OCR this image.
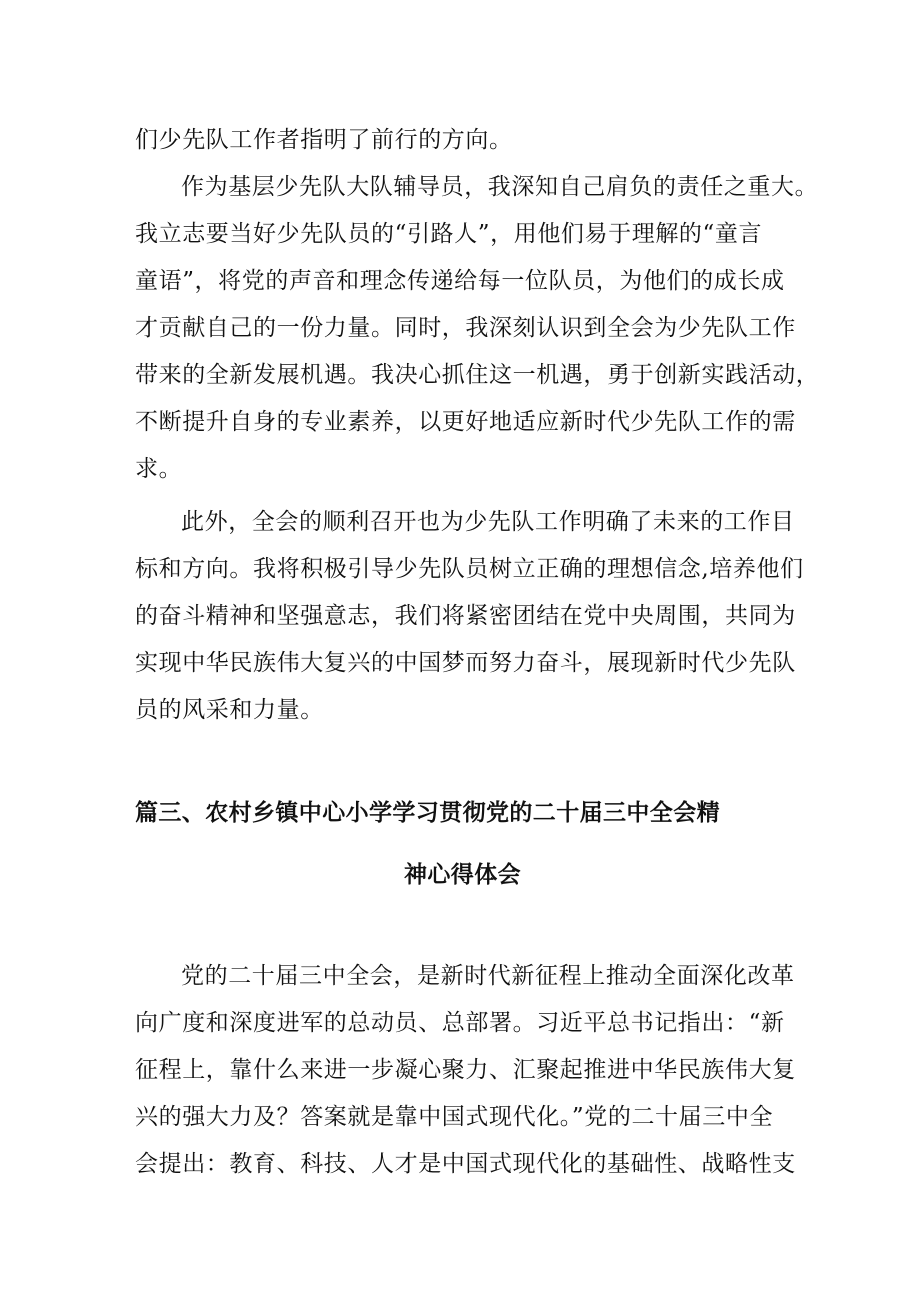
们少先队工作者指明了前行的方向。
作为基层少先队大队辅导员，我深知自己肩负的责任之重大。
我立志要当好少先队员的“引路人”，用他们易于理解的“童言
童语”，将党的声音和理念传递给每一位队员，为他们的成长成
才贡献自己的一份力量。同时，我深刻认识到全会为少先队工作
带来的全新发展机遇。我决心抓住这一机遇，勇于创新实践活动，
不断提升自身的专业素养，以更好地适应新时代少先队工作的需
求。
此外，全会的顺利召开也为少先队工作明确了未来的工作目
标和方向。我将积极引导少先队员树立正确的理想信念,培养他们
的奋斗精神和坚强意志，我们将紧密团结在党中央周围，共同为
实现中华民族伟大复兴的中国梦而努力奋斗，展现新时代少先队
员的风采和力量。
篇三、农村乡镇中心小学学习贯彻党的二十届三中全会精
神心得体会
党的二十届三中全会，是新时代新征程上推动全面深化改革
向广度和深度进军的总动员、总部署。习近平总书记指出：“新
征程上，靠什么来进一步凝心聚力、汇聚起推进中华民族伟大复
兴的强大力及？答案就是靠中国式现代化。”党的二十届三中全
会提出：教育、科技、人才是中国式现代化的基础性、战略性支
